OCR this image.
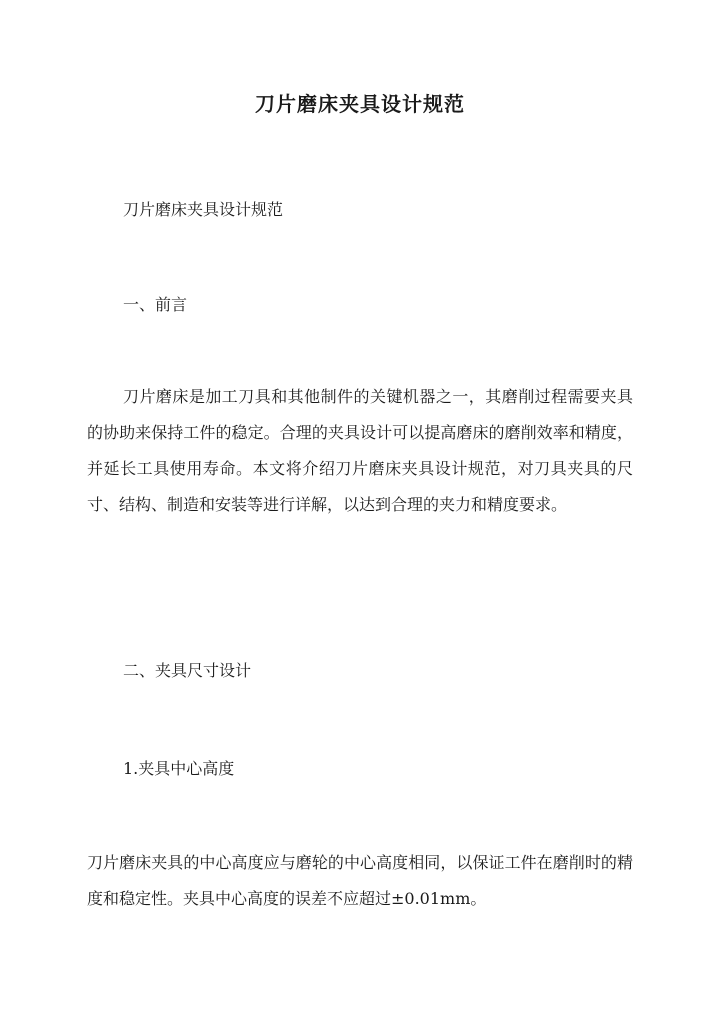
刀片磨床夹具设计规范

刀片磨床夹具设计规范

一、前言

刀片磨床是加工刀具和其他制件的关键机器之一，其磨削过程需要夹具的协助来保持工件的稳定。合理的夹具设计可以提高磨床的磨削效率和精度，并延长工具使用寿命。本文将介绍刀片磨床夹具设计规范，对刀具夹具的尺寸、结构、制造和安装等进行详解，以达到合理的夹力和精度要求。

二、夹具尺寸设计

1.夹具中心高度

刀片磨床夹具的中心高度应与磨轮的中心高度相同，以保证工件在磨削时的精度和稳定性。夹具中心高度的误差不应超过±0.01mm。
